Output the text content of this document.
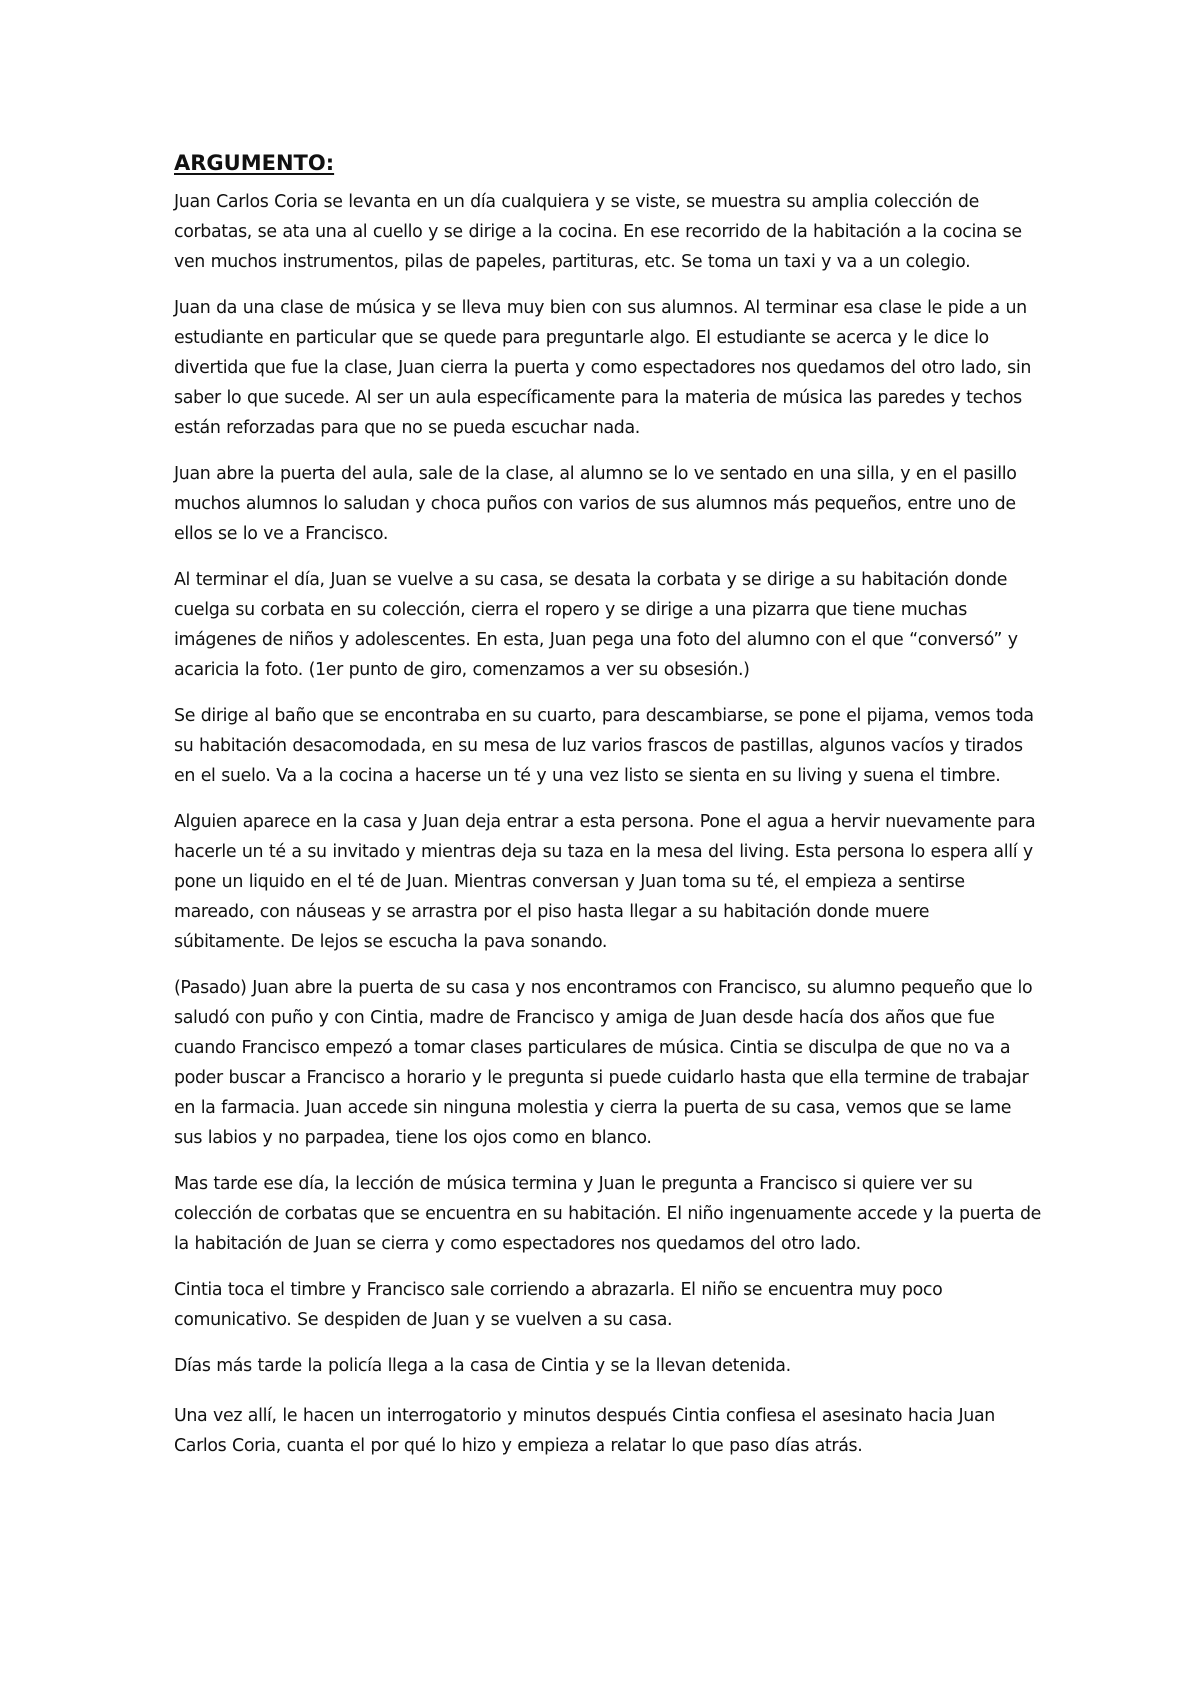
ARGUMENTO:

Juan Carlos Coria se levanta en un día cualquiera y se viste, se muestra su amplia colección de corbatas, se ata una al cuello y se dirige a la cocina. En ese recorrido de la habitación a la cocina se ven muchos instrumentos, pilas de papeles, partituras, etc. Se toma un taxi y va a un colegio.

Juan da una clase de música y se lleva muy bien con sus alumnos. Al terminar esa clase le pide a un estudiante en particular que se quede para preguntarle algo. El estudiante se acerca y le dice lo divertida que fue la clase, Juan cierra la puerta y como espectadores nos quedamos del otro lado, sin saber lo que sucede. Al ser un aula específicamente para la materia de música las paredes y techos están reforzadas para que no se pueda escuchar nada.

Juan abre la puerta del aula, sale de la clase, al alumno se lo ve sentado en una silla, y en el pasillo muchos alumnos lo saludan y choca puños con varios de sus alumnos más pequeños, entre uno de ellos se lo ve a Francisco.

Al terminar el día, Juan se vuelve a su casa, se desata la corbata y se dirige a su habitación donde cuelga su corbata en su colección, cierra el ropero y se dirige a una pizarra que tiene muchas imágenes de niños y adolescentes. En esta, Juan pega una foto del alumno con el que “conversó” y acaricia la foto. (1er punto de giro, comenzamos a ver su obsesión.)

Se dirige al baño que se encontraba en su cuarto, para descambiarse, se pone el pijama, vemos toda su habitación desacomodada, en su mesa de luz varios frascos de pastillas, algunos vacíos y tirados en el suelo. Va a la cocina a hacerse un té y una vez listo se sienta en su living y suena el timbre.

Alguien aparece en la casa y Juan deja entrar a esta persona. Pone el agua a hervir nuevamente para hacerle un té a su invitado y mientras deja su taza en la mesa del living. Esta persona lo espera allí y pone un liquido en el té de Juan. Mientras conversan y Juan toma su té, el empieza a sentirse mareado, con náuseas y se arrastra por el piso hasta llegar a su habitación donde muere súbitamente. De lejos se escucha la pava sonando.

(Pasado) Juan abre la puerta de su casa y nos encontramos con Francisco, su alumno pequeño que lo saludó con puño y con Cintia, madre de Francisco y amiga de Juan desde hacía dos años que fue cuando Francisco empezó a tomar clases particulares de música. Cintia se disculpa de que no va a poder buscar a Francisco a horario y le pregunta si puede cuidarlo hasta que ella termine de trabajar en la farmacia. Juan accede sin ninguna molestia y cierra la puerta de su casa, vemos que se lame sus labios y no parpadea, tiene los ojos como en blanco.

Mas tarde ese día, la lección de música termina y Juan le pregunta a Francisco si quiere ver su colección de corbatas que se encuentra en su habitación. El niño ingenuamente accede y la puerta de la habitación de Juan se cierra y como espectadores nos quedamos del otro lado.

Cintia toca el timbre y Francisco sale corriendo a abrazarla. El niño se encuentra muy poco comunicativo. Se despiden de Juan y se vuelven a su casa.

Días más tarde la policía llega a la casa de Cintia y se la llevan detenida.

Una vez allí, le hacen un interrogatorio y minutos después Cintia confiesa el asesinato hacia Juan Carlos Coria, cuanta el por qué lo hizo y empieza a relatar lo que paso días atrás.
